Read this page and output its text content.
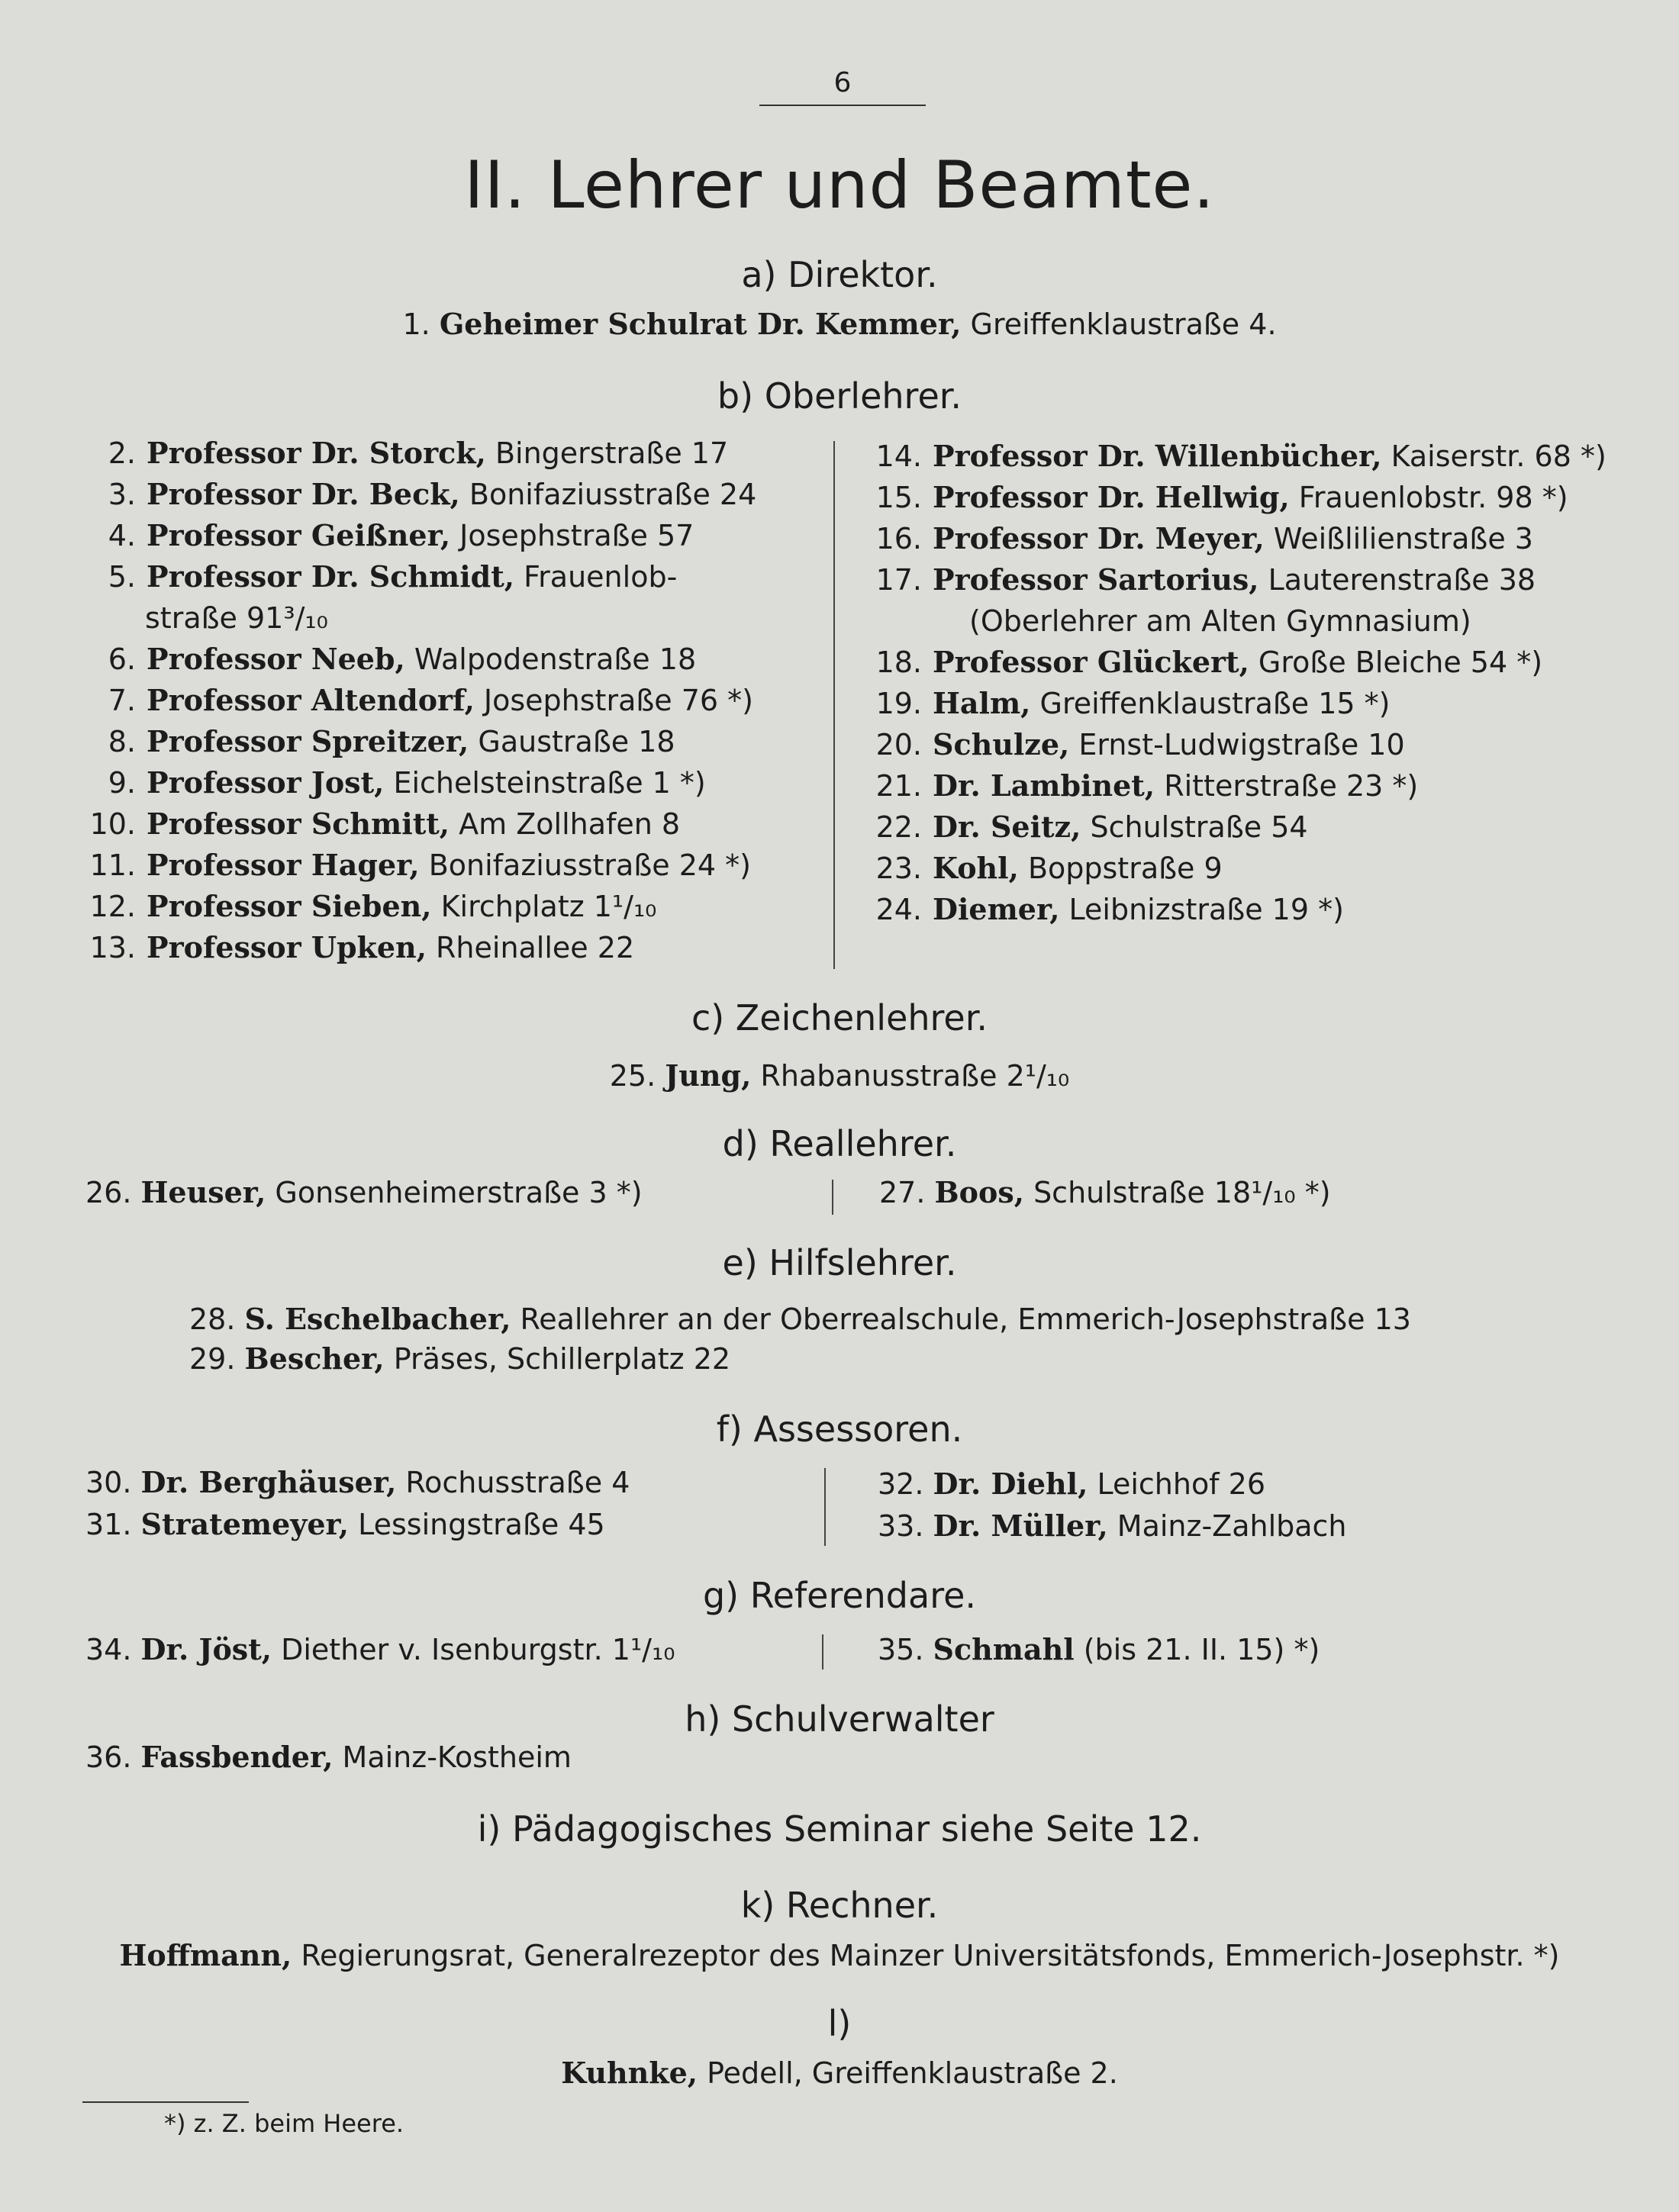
6
II. Lehrer und Beamte.
a) Direktor.
1. Geheimer Schulrat Dr. Kemmer, Greiffenklaustraße 4.
b) Oberlehrer.
2. Professor Dr. Storck, Bingerstraße 17
3. Professor Dr. Beck, Bonifaziusstraße 24
4. Professor Geißner, Josephstraße 57
5. Professor Dr. Schmidt, Frauenlob-
straße 91³/₁₀
6. Professor Neeb, Walpodenstraße 18
7. Professor Altendorf, Josephstraße 76 *)
8. Professor Spreitzer, Gaustraße 18
9. Professor Jost, Eichelsteinstraße 1 *)
10. Professor Schmitt, Am Zollhafen 8
11. Professor Hager, Bonifaziusstraße 24 *)
12. Professor Sieben, Kirchplatz 1¹/₁₀
13. Professor Upken, Rheinallee 22
14. Professor Dr. Willenbücher, Kaiserstr. 68 *)
15. Professor Dr. Hellwig, Frauenlobstr. 98 *)
16. Professor Dr. Meyer, Weißlilienstraße 3
17. Professor Sartorius, Lauterenstraße 38
(Oberlehrer am Alten Gymnasium)
18. Professor Glückert, Große Bleiche 54 *)
19. Halm, Greiffenklaustraße 15 *)
20. Schulze, Ernst-Ludwigstraße 10
21. Dr. Lambinet, Ritterstraße 23 *)
22. Dr. Seitz, Schulstraße 54
23. Kohl, Boppstraße 9
24. Diemer, Leibnizstraße 19 *)
c) Zeichenlehrer.
25. Jung, Rhabanusstraße 2¹/₁₀
d) Reallehrer.
26. Heuser, Gonsenheimerstraße 3 *)	27. Boos, Schulstraße 18¹/₁₀ *)
e) Hilfslehrer.
28. S. Eschelbacher, Reallehrer an der Oberrealschule, Emmerich-Josephstraße 13
29. Bescher, Präses, Schillerplatz 22
f) Assessoren.
30. Dr. Berghäuser, Rochusstraße 4
31. Stratemeyer, Lessingstraße 45
32. Dr. Diehl, Leichhof 26
33. Dr. Müller, Mainz-Zahlbach
g) Referendare.
34. Dr. Jöst, Diether v. Isenburgstr. 1¹/₁₀	35. Schmahl (bis 21. II. 15) *)
h) Schulverwalter
36. Fassbender, Mainz-Kostheim
i) Pädagogisches Seminar siehe Seite 12.
k) Rechner.
Hoffmann, Regierungsrat, Generalrezeptor des Mainzer Universitätsfonds, Emmerich-Josephstr. *)
l)
Kuhnke, Pedell, Greiffenklaustraße 2.
*) z. Z. beim Heere.
